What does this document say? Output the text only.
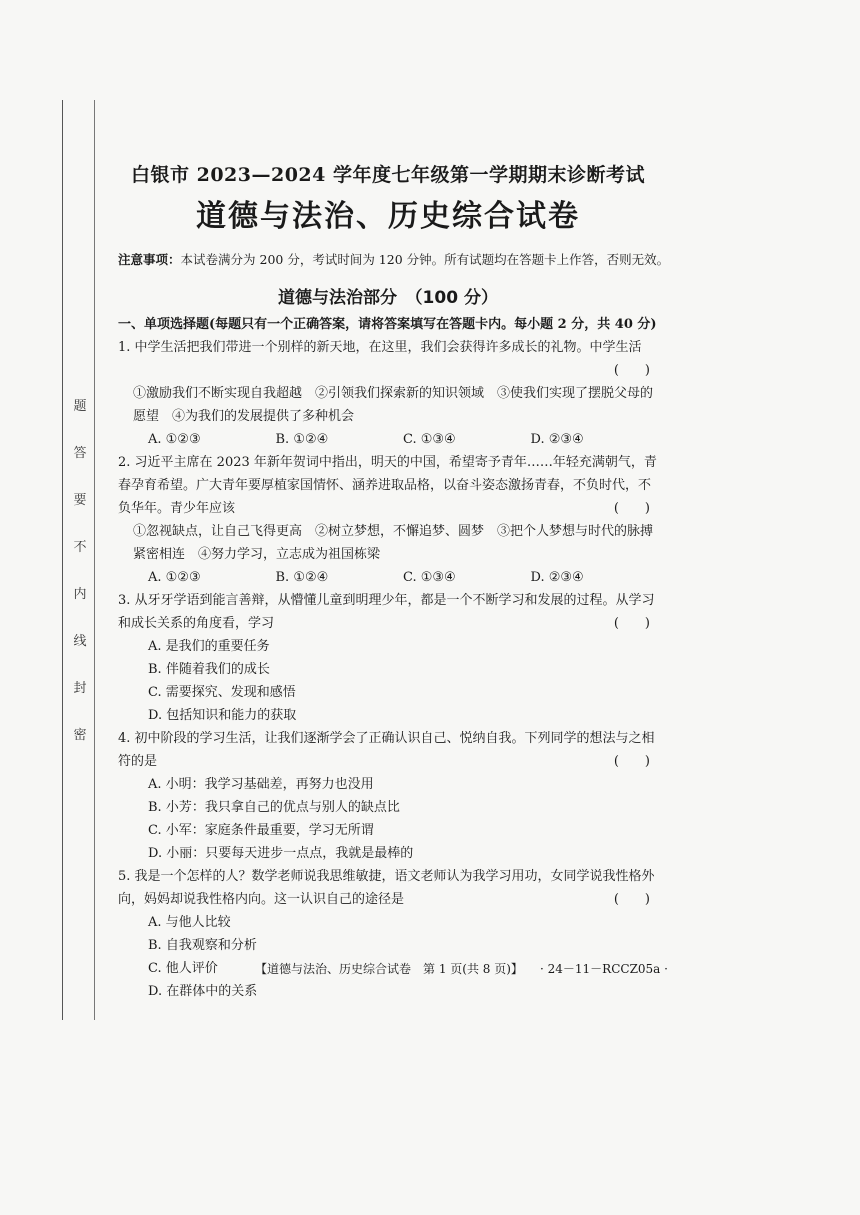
题
答
要
不
内
线
封
密

白银市 2023—2024 学年度七年级第一学期期末诊断考试

道德与法治、历史综合试卷

注意事项：本试卷满分为 200 分，考试时间为 120 分钟。所有试题均在答题卡上作答，否则无效。
道德与法治部分　（100 分）
一、单项选择题(每题只有一个正确答案，请将答案填写在答题卡内。每小题 2 分，共 40 分)

1. 中学生活把我们带进一个别样的新天地，在这里，我们会获得许多成长的礼物。中学生活

(　　)
①激励我们不断实现自我超越　②引领我们探索新的知识领域　③使我们实现了摆脱父母的愿望　④为我们的发展提供了多种机会
A. ①②③	B. ①②④	C. ①③④	D. ②③④

2. 习近平主席在 2023 年新年贺词中指出，明天的中国，希望寄予青年……年轻充满朝气，青春孕育希望。广大青年要厚植家国情怀、涵养进取品格，以奋斗姿态激扬青春，不负时代，不负华年。青少年应该	(　　)
①忽视缺点，让自己飞得更高　②树立梦想，不懈追梦、圆梦　③把个人梦想与时代的脉搏紧密相连　④努力学习，立志成为祖国栋梁
A. ①②③	B. ①②④	C. ①③④	D. ②③④

3. 从牙牙学语到能言善辩，从懵懂儿童到明理少年，都是一个不断学习和发展的过程。从学习和成长关系的角度看，学习	(　　)
A. 是我们的重要任务
B. 伴随着我们的成长
C. 需要探究、发现和感悟
D. 包括知识和能力的获取

4. 初中阶段的学习生活，让我们逐渐学会了正确认识自己、悦纳自我。下列同学的想法与之相符的是	(　　)
A. 小明：我学习基础差，再努力也没用
B. 小芳：我只拿自己的优点与别人的缺点比
C. 小军：家庭条件最重要，学习无所谓
D. 小丽：只要每天进步一点点，我就是最棒的

5. 我是一个怎样的人？数学老师说我思维敏捷，语文老师认为我学习用功，女同学说我性格外向，妈妈却说我性格内向。这一认识自己的途径是	(　　)
A. 与他人比较
B. 自我观察和分析
C. 他人评价
D. 在群体中的关系
【道德与法治、历史综合试卷　第 1 页(共 8 页)】 · 24－11－RCCZ05a ·
